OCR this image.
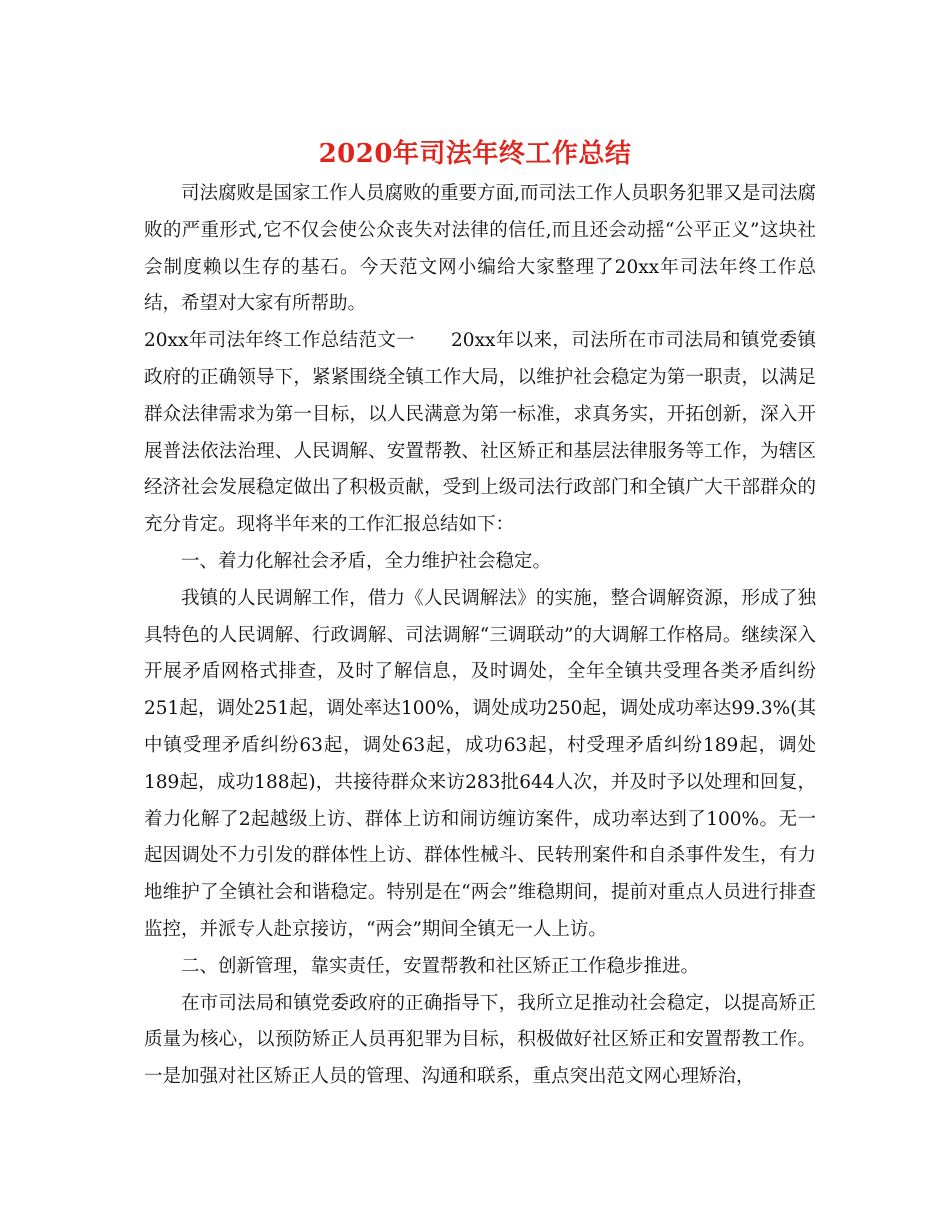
2020年司法年终工作总结

司法腐败是国家工作人员腐败的重要方面,而司法工作人员职务犯罪又是司法腐败的严重形式,它不仅会使公众丧失对法律的信任,而且还会动摇“公平正义”这块社会制度赖以生存的基石。今天范文网小编给大家整理了20xx年司法年终工作总结，希望对大家有所帮助。

20xx年司法年终工作总结范文一 20xx年以来，司法所在市司法局和镇党委镇政府的正确领导下，紧紧围绕全镇工作大局，以维护社会稳定为第一职责，以满足群众法律需求为第一目标，以人民满意为第一标准，求真务实，开拓创新，深入开展普法依法治理、人民调解、安置帮教、社区矫正和基层法律服务等工作，为辖区经济社会发展稳定做出了积极贡献，受到上级司法行政部门和全镇广大干部群众的充分肯定。现将半年来的工作汇报总结如下：

一、着力化解社会矛盾，全力维护社会稳定。

我镇的人民调解工作，借力《人民调解法》的实施，整合调解资源，形成了独具特色的人民调解、行政调解、司法调解“三调联动”的大调解工作格局。继续深入开展矛盾网格式排查，及时了解信息，及时调处，全年全镇共受理各类矛盾纠纷251起，调处251起，调处率达100%，调处成功250起，调处成功率达99.3%(其中镇受理矛盾纠纷63起，调处63起，成功63起，村受理矛盾纠纷189起，调处189起，成功188起)，共接待群众来访283批644人次，并及时予以处理和回复，着力化解了2起越级上访、群体上访和闹访缠访案件，成功率达到了100%。无一起因调处不力引发的群体性上访、群体性械斗、民转刑案件和自杀事件发生，有力地维护了全镇社会和谐稳定。特别是在“两会”维稳期间，提前对重点人员进行排查监控，并派专人赴京接访，“两会”期间全镇无一人上访。

二、创新管理，靠实责任，安置帮教和社区矫正工作稳步推进。

在市司法局和镇党委政府的正确指导下，我所立足推动社会稳定，以提高矫正质量为核心，以预防矫正人员再犯罪为目标，积极做好社区矫正和安置帮教工作。一是加强对社区矫正人员的管理、沟通和联系，重点突出范文网心理矫治，
